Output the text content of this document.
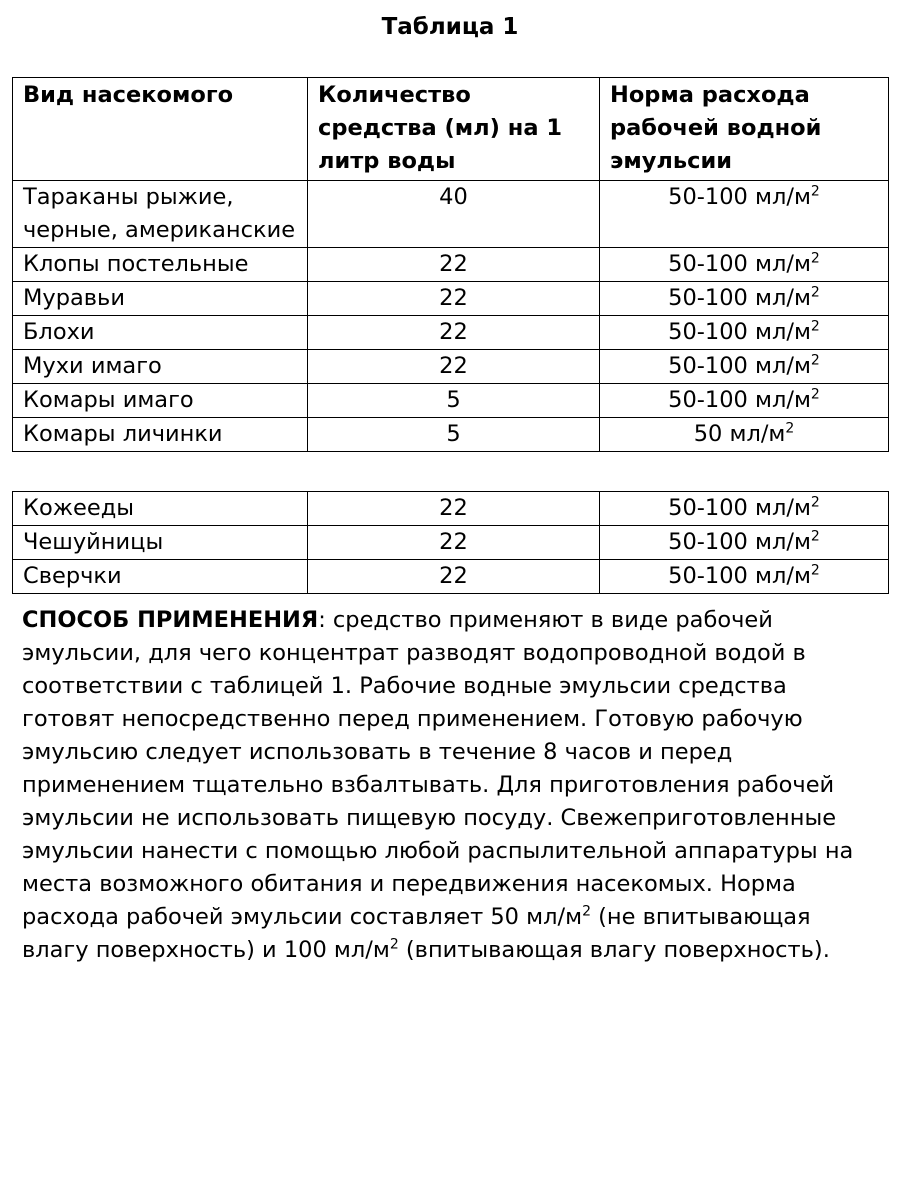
Таблица 1
Вид насекомого	Количество средства (мл) на 1 литр воды	Норма расхода рабочей водной эмульсии
Тараканы рыжие, черные, американские	40	50-100 $мл/м^2$
Клопы постельные	22	50-100 $мл/м^2$
Муравьи	22	50-100 $мл/м^2$
Блохи	22	50-100 $мл/м^2$
Мухи имаго	22	50-100 $мл/м^2$
Комары имаго	5	50-100 $мл/м^2$
Комары личинки	5	50 $мл/м^2$
Кожееды	22	50-100 $мл/м^2$
Чешуйницы	22	50-100 $мл/м^2$
Сверчки	22	50-100 $мл/м^2$

СПОСОБ ПРИМЕНЕНИЯ: средство применяют в виде рабочей

эмульсии, для чего концентрат разводят водопроводной водой в

соответствии с таблицей 1. Рабочие водные эмульсии средства

готовят непосредственно перед применением. Готовую рабочую

эмульсию следует использовать в течение 8 часов и перед

применением тщательно взбалтывать. Для приготовления рабочей

эмульсии не использовать пищевую посуду. Свежеприготовленные

эмульсии нанести с помощью любой распылительной аппаратуры на

места возможного обитания и передвижения насекомых. Норма

расхода рабочей эмульсии составляет 50 $мл/м^2$ (не впитывающая

влагу поверхность) и 100 $мл/м^2$ (впитывающая влагу поверхность).
